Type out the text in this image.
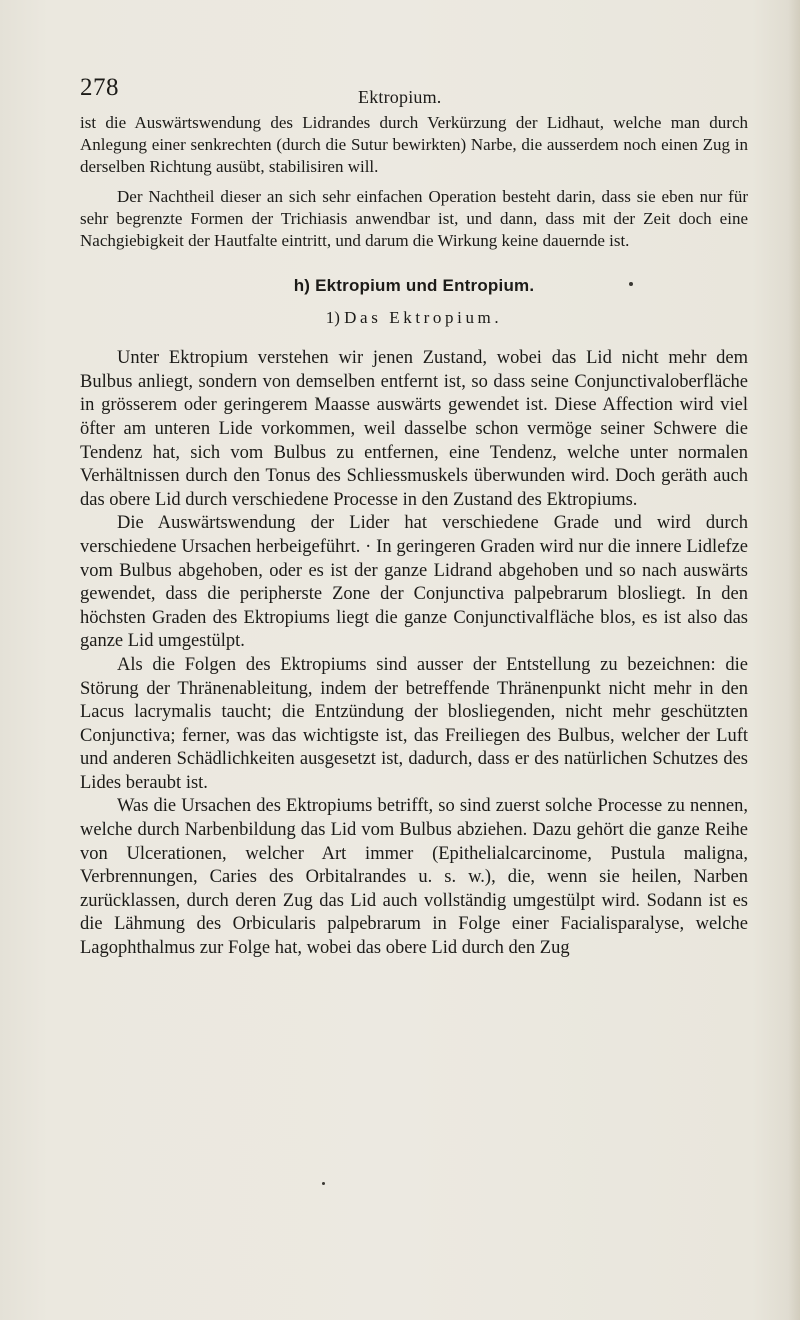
278	Ektropium.

ist die Auswärtswendung des Lidrandes durch Verkürzung der Lidhaut, welche man durch Anlegung einer senkrechten (durch die Sutur bewirkten) Narbe, die ausserdem noch einen Zug in derselben Richtung ausübt, stabilisiren will.

Der Nachtheil dieser an sich sehr einfachen Operation besteht darin, dass sie eben nur für sehr begrenzte Formen der Trichiasis anwendbar ist, und dann, dass mit der Zeit doch eine Nachgiebigkeit der Hautfalte eintritt, und darum die Wirkung keine dauernde ist.

h) Ektropium und Entropium.
1) Das Ektropium.

Unter Ektropium verstehen wir jenen Zustand, wobei das Lid nicht mehr dem Bulbus anliegt, sondern von demselben entfernt ist, so dass seine Conjunctivaloberfläche in grösserem oder geringerem Maasse auswärts gewendet ist. Diese Affection wird viel öfter am unteren Lide vorkommen, weil dasselbe schon vermöge seiner Schwere die Tendenz hat, sich vom Bulbus zu entfernen, eine Tendenz, welche unter normalen Verhältnissen durch den Tonus des Schliessmuskels überwunden wird. Doch geräth auch das obere Lid durch verschiedene Processe in den Zustand des Ektropiums.

Die Auswärtswendung der Lider hat verschiedene Grade und wird durch verschiedene Ursachen herbeigeführt. · In geringeren Graden wird nur die innere Lidlefze vom Bulbus abgehoben, oder es ist der ganze Lidrand abgehoben und so nach auswärts gewendet, dass die peripherste Zone der Conjunctiva palpebrarum blosliegt. In den höchsten Graden des Ektropiums liegt die ganze Conjunctivalfläche blos, es ist also das ganze Lid umgestülpt.

Als die Folgen des Ektropiums sind ausser der Entstellung zu bezeichnen: die Störung der Thränenableitung, indem der betreffende Thränenpunkt nicht mehr in den Lacus lacrymalis taucht; die Entzündung der blosliegenden, nicht mehr geschützten Conjunctiva; ferner, was das wichtigste ist, das Freiliegen des Bulbus, welcher der Luft und anderen Schädlichkeiten ausgesetzt ist, dadurch, dass er des natürlichen Schutzes des Lides beraubt ist.

Was die Ursachen des Ektropiums betrifft, so sind zuerst solche Processe zu nennen, welche durch Narbenbildung das Lid vom Bulbus abziehen. Dazu gehört die ganze Reihe von Ulcerationen, welcher Art immer (Epithelialcarcinome, Pustula maligna, Verbrennungen, Caries des Orbitalrandes u. s. w.), die, wenn sie heilen, Narben zurücklassen, durch deren Zug das Lid auch vollständig umgestülpt wird. Sodann ist es die Lähmung des Orbicularis palpebrarum in Folge einer Facialisparalyse, welche Lagophthalmus zur Folge hat, wobei das obere Lid durch den Zug
